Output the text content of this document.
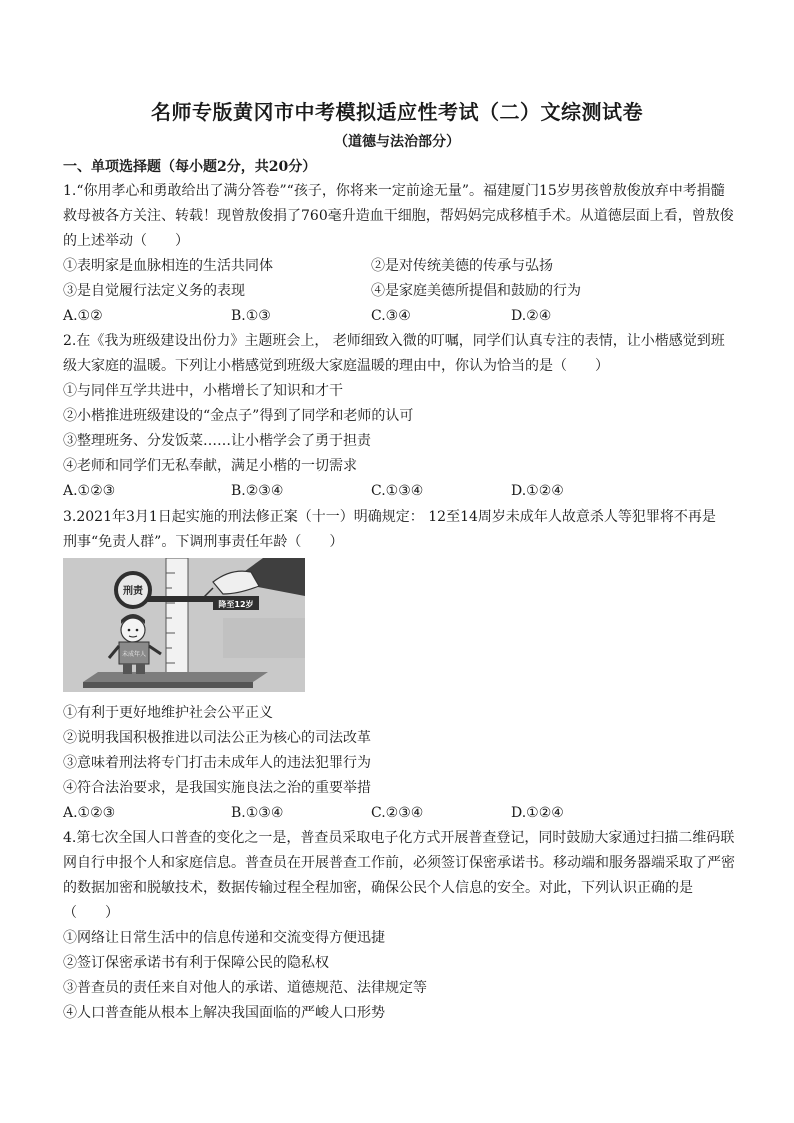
名师专版黄冈市中考模拟适应性考试（二）文综测试卷
（道德与法治部分）
一、单项选择题（每小题2分，共20分）
1.“你用孝心和勇敢给出了满分答卷”“孩子，你将来一定前途无量”。福建厦门15岁男孩曾敖俊放弃中考捐髓
救母被各方关注、转载！现曾敖俊捐了760毫升造血干细胞，帮妈妈完成移植手术。从道德层面上看，曾敖俊
的上述举动（　　）
①表明家是血脉相连的生活共同体	②是对传统美德的传承与弘扬
③是自觉履行法定义务的表现	④是家庭美德所提倡和鼓励的行为
A.①②	B.①③	C.③④	D.②④
2.在《我为班级建设出份力》主题班会上， 老师细致入微的叮嘱，同学们认真专注的表情，让小楷感觉到班
级大家庭的温暖。下列让小楷感觉到班级大家庭温暖的理由中，你认为恰当的是（　　）
①与同伴互学共进中，小楷增长了知识和才干
②小楷推进班级建设的“金点子”得到了同学和老师的认可
③整理班务、分发饭菜……让小楷学会了勇于担责
④老师和同学们无私奉献，满足小楷的一切需求
A.①②③	B.②③④	C.①③④	D.①②④
3.2021年3月1日起实施的刑法修正案（十一）明确规定： 12至14周岁未成年人故意杀人等犯罪将不再是
刑事“免责人群”。下调刑事责任年龄（　　）
降至12岁
刑责
未成年人
①有利于更好地维护社会公平正义
②说明我国积极推进以司法公正为核心的司法改革
③意味着刑法将专门打击未成年人的违法犯罪行为
④符合法治要求，是我国实施良法之治的重要举措
A.①②③	B.①③④	C.②③④	D.①②④
4.第七次全国人口普查的变化之一是，普查员采取电子化方式开展普查登记，同时鼓励大家通过扫描二维码联
网自行申报个人和家庭信息。普查员在开展普查工作前，必须签订保密承诺书。移动端和服务器端采取了严密
的数据加密和脱敏技术，数据传输过程全程加密，确保公民个人信息的安全。对此，下列认识正确的是
（　　）
①网络让日常生活中的信息传递和交流变得方便迅捷
②签订保密承诺书有利于保障公民的隐私权
③普查员的责任来自对他人的承诺、道德规范、法律规定等
④人口普查能从根本上解决我国面临的严峻人口形势
